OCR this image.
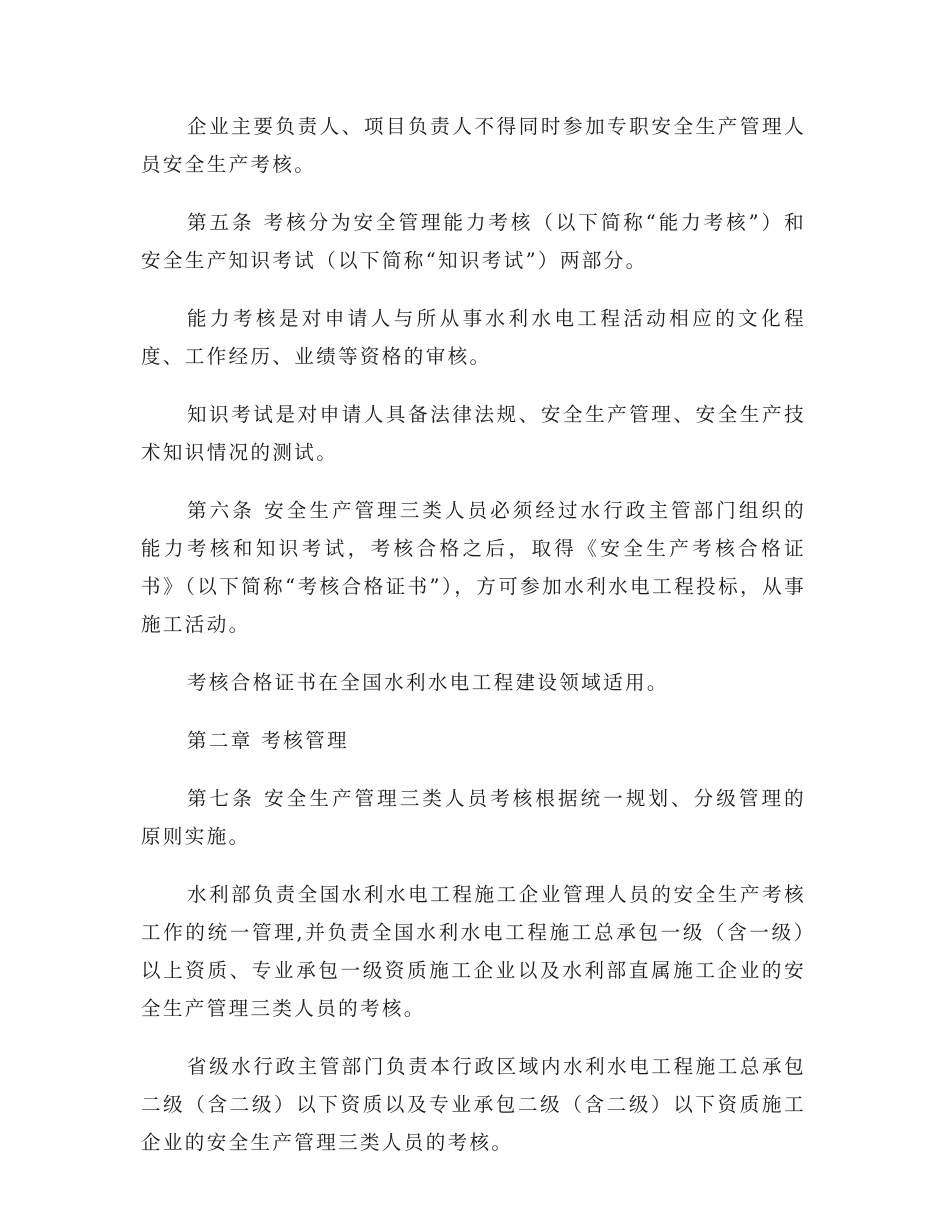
企业主要负责人、项目负责人不得同时参加专职安全生产管理人员安全生产考核。

第五条 考核分为安全管理能力考核（以下简称“能力考核”）和安全生产知识考试（以下简称“知识考试”）两部分。

能力考核是对申请人与所从事水利水电工程活动相应的文化程度、工作经历、业绩等资格的审核。

知识考试是对申请人具备法律法规、安全生产管理、安全生产技术知识情况的测试。

第六条 安全生产管理三类人员必须经过水行政主管部门组织的能力考核和知识考试，考核合格之后，取得《安全生产考核合格证书》（以下简称“考核合格证书”），方可参加水利水电工程投标，从事施工活动。

考核合格证书在全国水利水电工程建设领域适用。

第二章 考核管理

第七条 安全生产管理三类人员考核根据统一规划、分级管理的原则实施。

水利部负责全国水利水电工程施工企业管理人员的安全生产考核工作的统一管理,并负责全国水利水电工程施工总承包一级（含一级）以上资质、专业承包一级资质施工企业以及水利部直属施工企业的安全生产管理三类人员的考核。

省级水行政主管部门负责本行政区域内水利水电工程施工总承包二级（含二级）以下资质以及专业承包二级（含二级）以下资质施工企业的安全生产管理三类人员的考核。
